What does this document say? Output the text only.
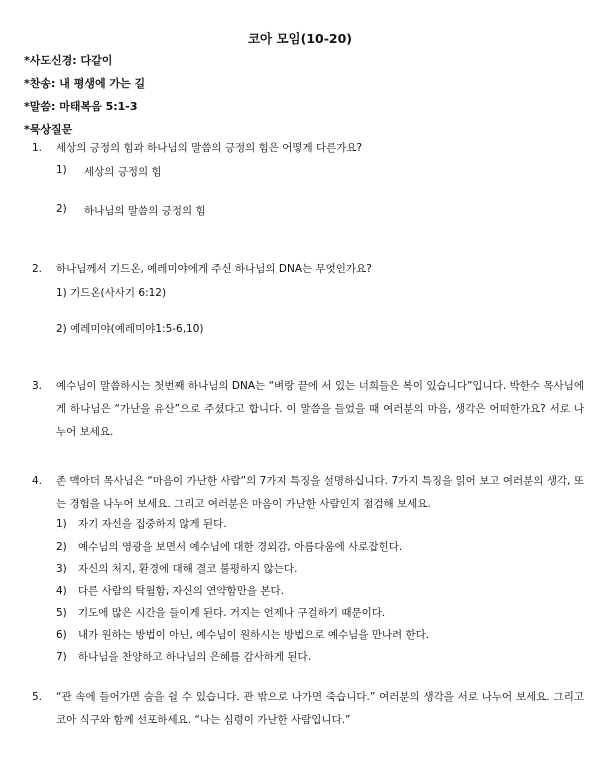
코아 모임(10-20)
*사도신경: 다같이
*찬송: 내 평생에 가는 길
*말씀: 마태복음 5:1-3
*묵상질문
1. 세상의 긍정의 힘과 하나님의 말씀의 긍정의 힘은 어떻게 다른가요?
1) 세상의 긍정의 힘
2) 하나님의 말씀의 긍정의 힘
2. 하나님께서 기드온, 예레미야에게 주신 하나님의 DNA는 무엇인가요?
1) 기드온(사사기 6:12)
2) 예레미야(예레미야1:5-6,10)
3. 예수님이 말씀하시는 첫번째 하나님의 DNA는 “벼랑 끝에 서 있는 너희들은 복이 있습니다”입니다. 박한수 목사님에게 하나님은 “가난을 유산”으로 주셨다고 합니다. 이 말씀을 들었을 때 여러분의 마음, 생각은 어떠한가요? 서로 나누어 보세요.
4. 존 맥아더 목사님은 “마음이 가난한 사람”의 7가지 특징을 설명하십니다. 7가지 특징을 읽어 보고 여러분의 생각, 또는 경험을 나누어 보세요. 그리고 여러분은 마음이 가난한 사람인지 점검해 보세요.
1) 자기 자신을 집중하지 않게 된다.
2) 예수님의 영광을 보면서 예수님에 대한 경외감, 아름다움에 사로잡힌다.
3) 자신의 처지, 환경에 대해 결코 불평하지 않는다.
4) 다른 사람의 탁월함, 자신의 연약함만을 본다.
5) 기도에 많은 시간을 들이게 된다. 거지는 언제나 구걸하기 때문이다.
6) 내가 원하는 방법이 아닌, 예수님이 원하시는 방법으로 예수님을 만나려 한다.
7) 하나님을 찬양하고 하나님의 은혜를 감사하게 된다.
5. “관 속에 들어가면 숨을 쉴 수 있습니다. 관 밖으로 나가면 죽습니다.” 여러분의 생각을 서로 나누어 보세요. 그리고 코아 식구와 함께 선포하세요. “나는 심령이 가난한 사람입니다.”
